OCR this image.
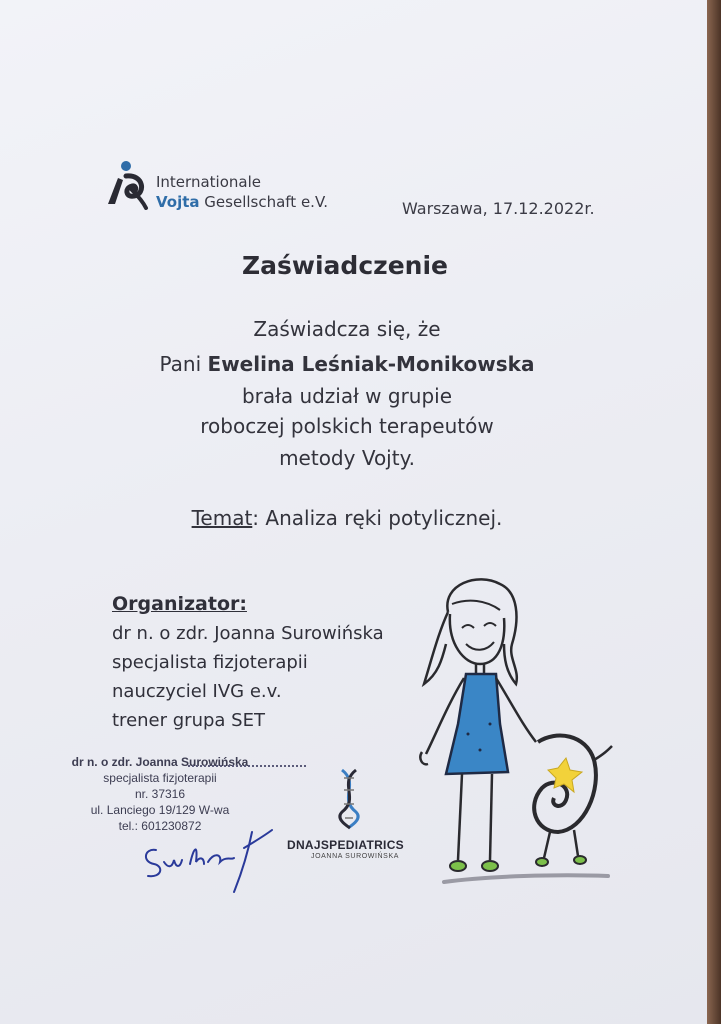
Internationale
Vojta Gesellschaft e.V.	Warszawa, 17.12.2022r.
Zaświadczenie
Zaświadcza się, że
Pani Ewelina Leśniak-Monikowska
brała udział w grupie
roboczej polskich terapeutów
metody Vojty.
Temat: Analiza ręki potylicznej.
Organizator:
dr n. o zdr. Joanna Surowińska
specjalista fizjoterapii
nauczyciel IVG e.v.
trener grupa SET
dr n. o zdr. Joanna Surowińska
specjalista fizjoterapii
nr. 37316
ul. Lanciego 19/129 W-wa
tel.: 601230872
DNAJSPEDIATRICS
JOANNA SUROWIŃSKA
